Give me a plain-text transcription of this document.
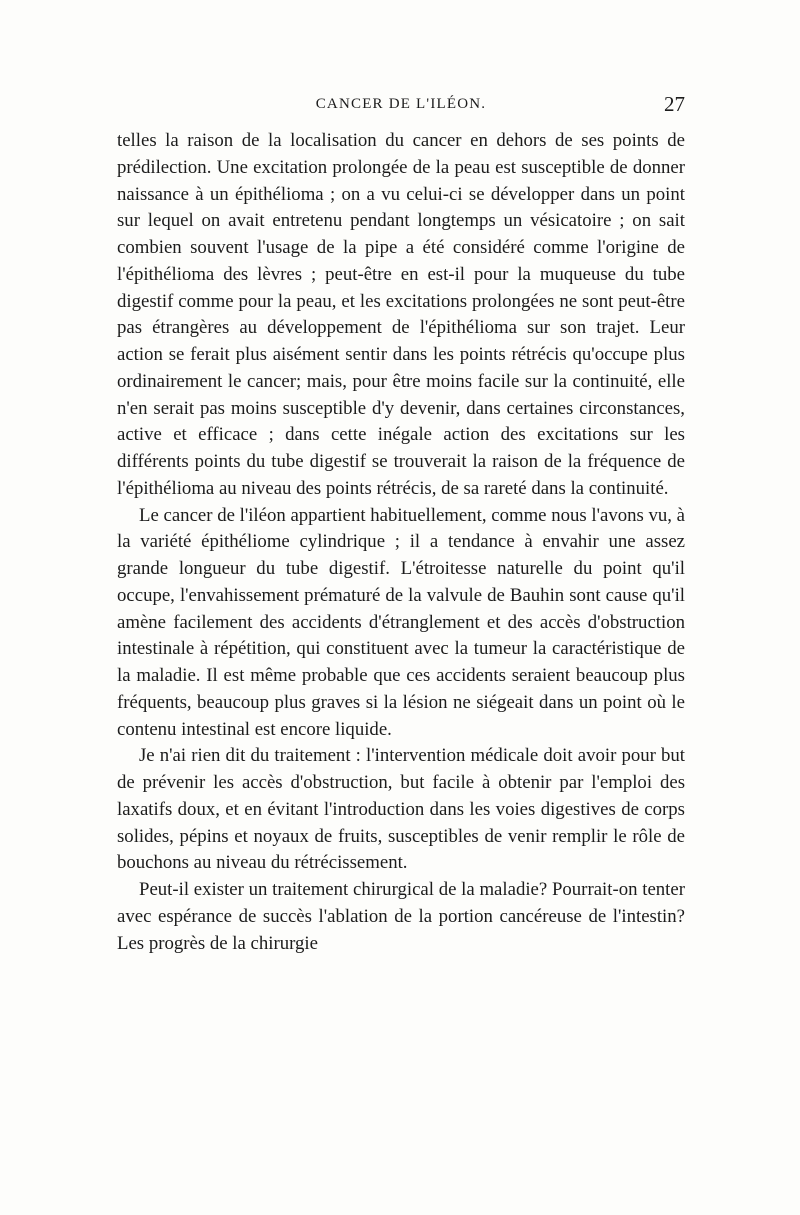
CANCER DE L'ILÉON.	27

telles la raison de la localisation du cancer en dehors de ses points de prédilection. Une excitation prolongée de la peau est susceptible de donner naissance à un épithélioma ; on a vu celui-ci se développer dans un point sur lequel on avait entretenu pendant longtemps un vésicatoire ; on sait combien souvent l'usage de la pipe a été considéré comme l'origine de l'épithélioma des lèvres ; peut-être en est-il pour la muqueuse du tube digestif comme pour la peau, et les excitations prolongées ne sont peut-être pas étrangères au développement de l'épithélioma sur son trajet. Leur action se ferait plus aisément sentir dans les points rétrécis qu'occupe plus ordinairement le cancer; mais, pour être moins facile sur la continuité, elle n'en serait pas moins susceptible d'y devenir, dans certaines circonstances, active et efficace ; dans cette inégale action des excitations sur les différents points du tube digestif se trouverait la raison de la fréquence de l'épithélioma au niveau des points rétrécis, de sa rareté dans la continuité.

Le cancer de l'iléon appartient habituellement, comme nous l'avons vu, à la variété épithéliome cylindrique ; il a tendance à envahir une assez grande longueur du tube digestif. L'étroitesse naturelle du point qu'il occupe, l'envahissement prématuré de la valvule de Bauhin sont cause qu'il amène facilement des accidents d'étranglement et des accès d'obstruction intestinale à répétition, qui constituent avec la tumeur la caractéristique de la maladie. Il est même probable que ces accidents seraient beaucoup plus fréquents, beaucoup plus graves si la lésion ne siégeait dans un point où le contenu intestinal est encore liquide.

Je n'ai rien dit du traitement : l'intervention médicale doit avoir pour but de prévenir les accès d'obstruction, but facile à obtenir par l'emploi des laxatifs doux, et en évitant l'introduction dans les voies digestives de corps solides, pépins et noyaux de fruits, susceptibles de venir remplir le rôle de bouchons au niveau du rétrécissement.

Peut-il exister un traitement chirurgical de la maladie? Pourrait-on tenter avec espérance de succès l'ablation de la portion cancéreuse de l'intestin? Les progrès de la chirurgie
